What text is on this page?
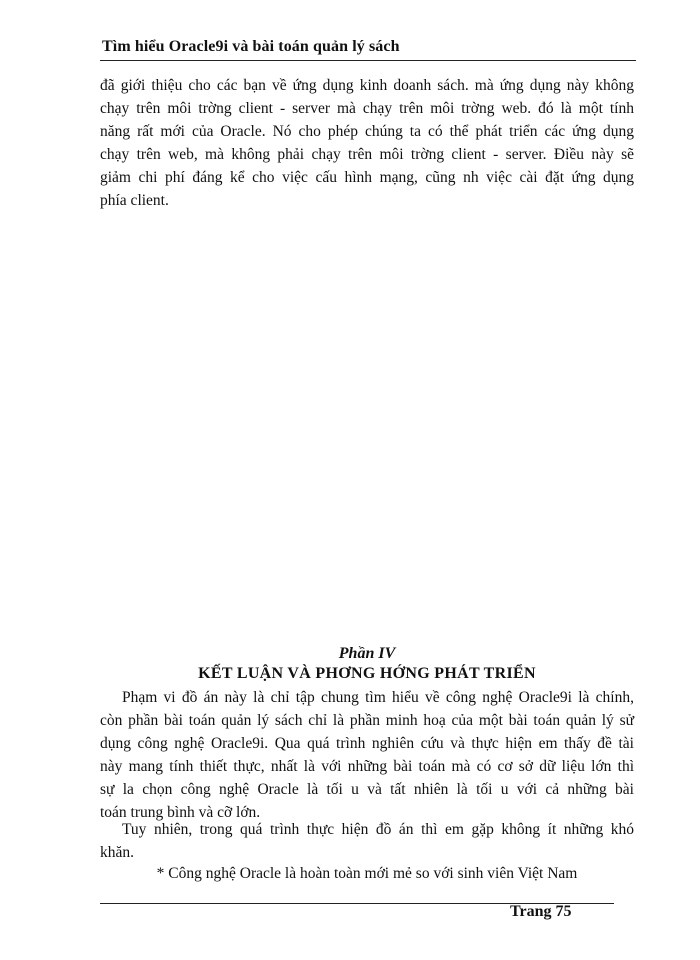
Tìm hiểu Oracle9i và bài toán quản lý sách
đã giới thiệu cho các bạn về ứng dụng kinh doanh sách. mà ứng dụng này không
chạy trên môi trờng client - server mà chạy trên môi trờng web. đó là một tính
năng rất mới của Oracle. Nó cho phép chúng ta có thể phát triển các ứng dụng
chạy trên web, mà không phải chạy trên môi trờng client - server. Điều này sẽ
giảm chi phí đáng kể cho việc cấu hình mạng, cũng nh việc cài đặt ứng dụng
phía client.
Phần IV
KẾT LUẬN VÀ PHƠNG HỚNG PHÁT TRIỂN
Phạm vi đồ án này là chỉ tập chung tìm hiểu về công nghệ Oracle9i là chính,
còn phần bài toán quản lý sách chỉ là phần minh hoạ của một bài toán quản lý sử
dụng công nghệ Oracle9i. Qua quá trình nghiên cứu và thực hiện em thấy đề tài
này mang tính thiết thực, nhất là với những bài toán mà có cơ sở dữ liệu lớn thì
sự la chọn công nghệ Oracle là tối u và tất nhiên là tối u với cả những bài
toán trung bình và cỡ lớn.
Tuy nhiên, trong quá trình thực hiện đồ án thì em gặp không ít những khó
khăn.
* Công nghệ Oracle là hoàn toàn mới mẻ so với sinh viên Việt Nam
Trang 75
